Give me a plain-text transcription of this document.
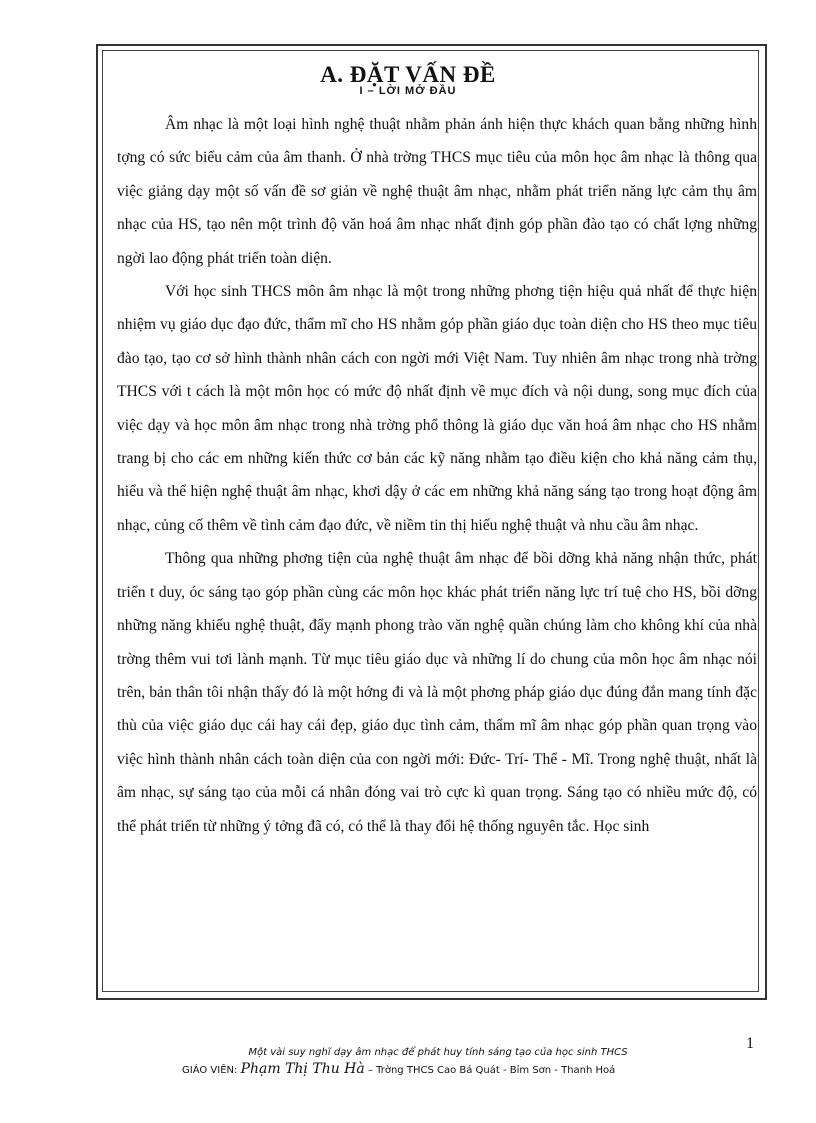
A. ĐẶT VẤN ĐỀ
I – LỜI MỞ ĐẦU

Âm nhạc là một loại hình nghệ thuật nhằm phản ánh hiện thực khách quan bằng những hình tợng có sức biểu cảm của âm thanh. Ở nhà trờng THCS mục tiêu của môn học âm nhạc là thông qua việc giảng dạy một số vấn đề sơ giản về nghệ thuật âm nhạc, nhằm phát triển năng lực cảm thụ âm nhạc của HS, tạo nên một trình độ văn hoá âm nhạc nhất định góp phần đào tạo có chất lợng những ngời lao động phát triển toàn diện.

Với học sinh THCS môn âm nhạc là một trong những phơng tiện hiệu quả nhất để thực hiện nhiệm vụ giáo dục đạo đức, thẩm mĩ cho HS nhằm góp phần giáo dục toàn diện cho HS theo mục tiêu đào tạo, tạo cơ sở hình thành nhân cách con ngời mới Việt Nam. Tuy nhiên âm nhạc trong nhà trờng THCS với t cách là một môn học có mức độ nhất định về mục đích và nội dung, song mục đích của việc dạy và học môn âm nhạc trong nhà trờng phổ thông là giáo dục văn hoá âm nhạc cho HS nhằm trang bị cho các em những kiến thức cơ bản các kỹ năng nhằm tạo điều kiện cho khả năng cảm thụ, hiểu và thể hiện nghệ thuật âm nhạc, khơi dậy ở các em những khả năng sáng tạo trong hoạt động âm nhạc, củng cố thêm về tình cảm đạo đức, về niềm tin thị hiếu nghệ thuật và nhu cầu âm nhạc.

Thông qua những phơng tiện của nghệ thuật âm nhạc để bồi dỡng khả năng nhận thức, phát triển t duy, óc sáng tạo góp phần cùng các môn học khác phát triển năng lực trí tuệ cho HS, bồi dỡng những năng khiếu nghệ thuật, đẩy mạnh phong trào văn nghệ quần chúng làm cho không khí của nhà trờng thêm vui tơi lành mạnh. Từ mục tiêu giáo dục và những lí do chung của môn học âm nhạc nói trên, bản thân tôi nhận thấy đó là một hớng đi và là một phơng pháp giáo dục đúng đắn mang tính đặc thù của việc giáo dục cái hay cái đẹp, giáo dục tình cảm, thẩm mĩ âm nhạc góp phần quan trọng vào việc hình thành nhân cách toàn diện của con ngời mới: Đức- Trí- Thể - Mĩ. Trong nghệ thuật, nhất là âm nhạc, sự sáng tạo của mỗi cá nhân đóng vai trò cực kì quan trọng. Sáng tạo có nhiều mức độ, có thể phát triển từ những ý tởng đã có, có thể là thay đổi hệ thống nguyên tắc. Học sinh

1
Một vài suy nghĩ dạy âm nhạc để phát huy tính sáng tạo của học sinh THCS
GIÁO VIÊN: Phạm Thị Thu Hà – Trờng THCS Cao Bá Quát - Bỉm Sơn - Thanh Hoá
